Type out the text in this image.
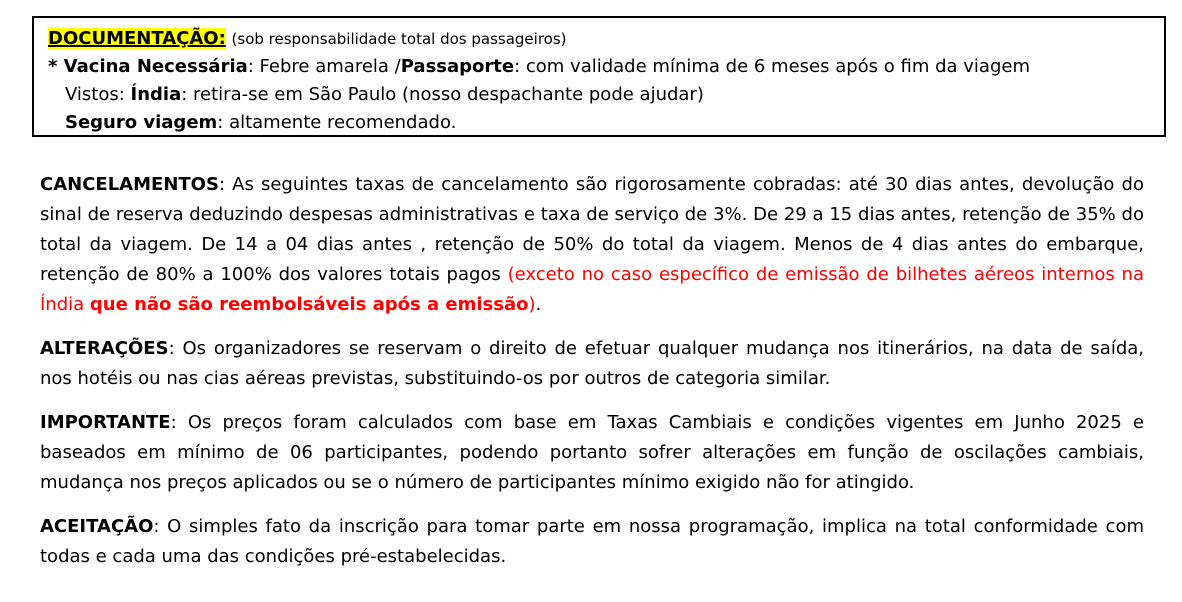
DOCUMENTAÇÃO: (sob responsabilidade total dos passageiros)
* Vacina Necessária: Febre amarela /Passaporte: com validade mínima de 6 meses após o fim da viagem
Vistos: Índia: retira-se em São Paulo (nosso despachante pode ajudar)
Seguro viagem: altamente recomendado.

CANCELAMENTOS: As seguintes taxas de cancelamento são rigorosamente cobradas: até 30 dias antes, devolução do sinal de reserva deduzindo despesas administrativas e taxa de serviço de 3%. De 29 a 15 dias antes, retenção de 35% do total da viagem. De 14 a 04 dias antes , retenção de 50% do total da viagem. Menos de 4 dias antes do embarque, retenção de 80% a 100% dos valores totais pagos (exceto no caso específico de emissão de bilhetes aéreos internos na Índia que não são reembolsáveis após a emissão).

ALTERAÇÕES: Os organizadores se reservam o direito de efetuar qualquer mudança nos itinerários, na data de saída, nos hotéis ou nas cias aéreas previstas, substituindo-os por outros de categoria similar.

IMPORTANTE: Os preços foram calculados com base em Taxas Cambiais e condições vigentes em Junho 2025 e baseados em mínimo de 06 participantes, podendo portanto sofrer alterações em função de oscilações cambiais, mudança nos preços aplicados ou se o número de participantes mínimo exigido não for atingido.

ACEITAÇÃO: O simples fato da inscrição para tomar parte em nossa programação, implica na total conformidade com todas e cada uma das condições pré-estabelecidas.
